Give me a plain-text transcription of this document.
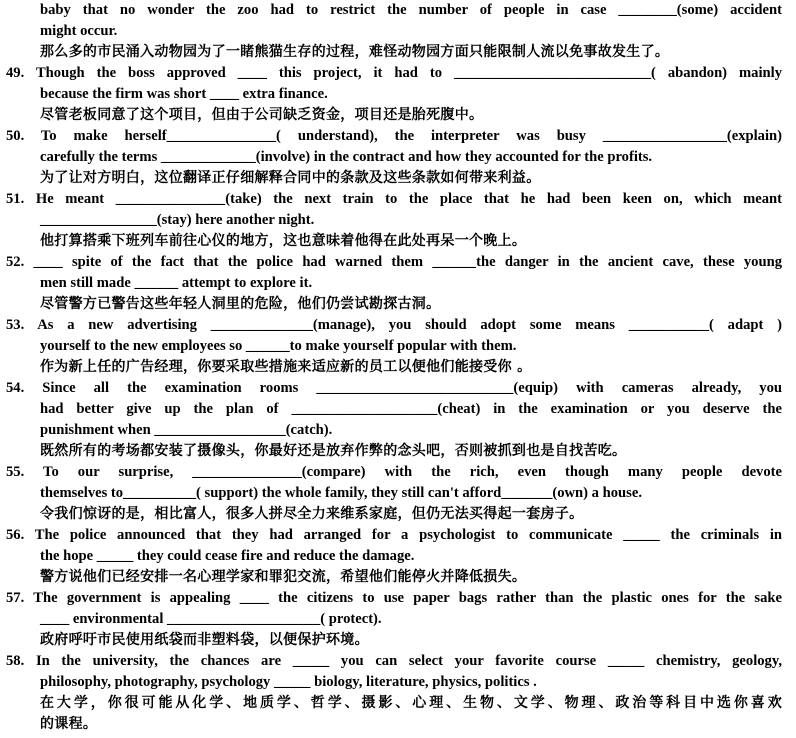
baby that no wonder the zoo had to restrict the number of people in case ________(some) accident
might occur.
那么多的市民涌入动物园为了一睹熊猫生存的过程，难怪动物园方面只能限制人流以免事故发生了。
49. Though the boss approved ____ this project, it had to ___________________________( abandon) mainly
because the firm was short ____ extra finance.
尽管老板同意了这个项目，但由于公司缺乏资金，项目还是胎死腹中。
50. To make herself_______________( understand), the interpreter was busy _________________(explain)
carefully the terms _____________(involve) in the contract and how they accounted for the profits.
为了让对方明白，这位翻译正仔细解释合同中的条款及这些条款如何带来利益。
51. He meant _______________(take) the next train to the place that he had been keen on, which meant
________________(stay) here another night.
他打算搭乘下班列车前往心仪的地方，这也意味着他得在此处再呆一个晚上。
52. ____ spite of the fact that the police had warned them ______the danger in the ancient cave, these young
men still made ______ attempt to explore it.
尽管警方已警告这些年轻人洞里的危险，他们仍尝试勘探古洞。
53. As a new advertising ______________(manage), you should adopt some means ___________( adapt )
yourself to the new employees so ______to make yourself popular with them.
作为新上任的广告经理，你要采取些措施来适应新的员工以便他们能接受你 。
54. Since all the examination rooms ___________________________(equip) with cameras already, you
had better give up the plan of ____________________(cheat) in the examination or you deserve the
punishment when __________________(catch).
既然所有的考场都安装了摄像头，你最好还是放弃作弊的念头吧，否则被抓到也是自找苦吃。
55. To our surprise, _______________(compare) with the rich, even though many people devote
themselves to__________( support) the whole family, they still can't afford_______(own) a house.
令我们惊讶的是，相比富人，很多人拼尽全力来维系家庭，但仍无法买得起一套房子。
56. The police announced that they had arranged for a psychologist to communicate _____ the criminals in
the hope _____ they could cease fire and reduce the damage.
警方说他们已经安排一名心理学家和罪犯交流，希望他们能停火并降低损失。
57. The government is appealing ____ the citizens to use paper bags rather than the plastic ones for the sake
____ environmental _____________________( protect).
政府呼吁市民使用纸袋而非塑料袋，以便保护环境。
58. In the university, the chances are _____ you can select your favorite course _____ chemistry, geology,
philosophy, photography, psychology _____ biology, literature, physics, politics .
在大学，你很可能从化学、地质学、哲学、摄影、心理、生物、文学、物理、政治等科目中选你喜欢
的课程。
